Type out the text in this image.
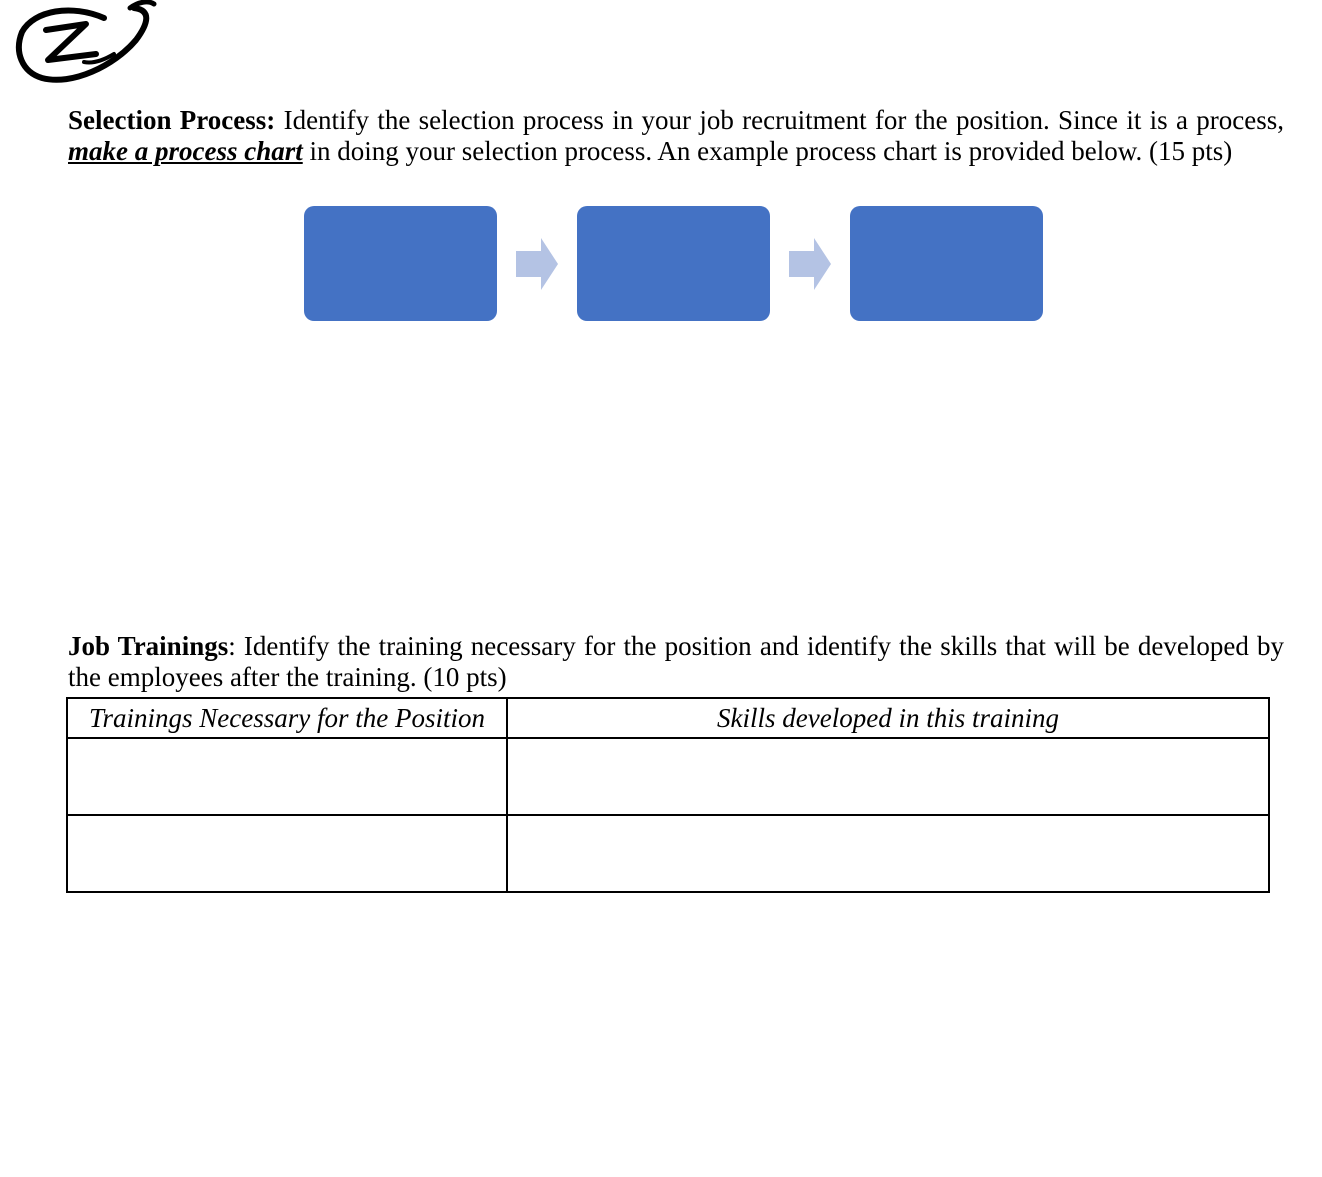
Selection Process: Identify the selection process in your job recruitment for the position. Since it is a process, make a process chart in doing your selection process. An example process chart is provided below. (15 pts)

Job Trainings: Identify the training necessary for the position and identify the skills that will be developed by the employees after the training. (10 pts)

Trainings Necessary for the Position	Skills developed in this training
